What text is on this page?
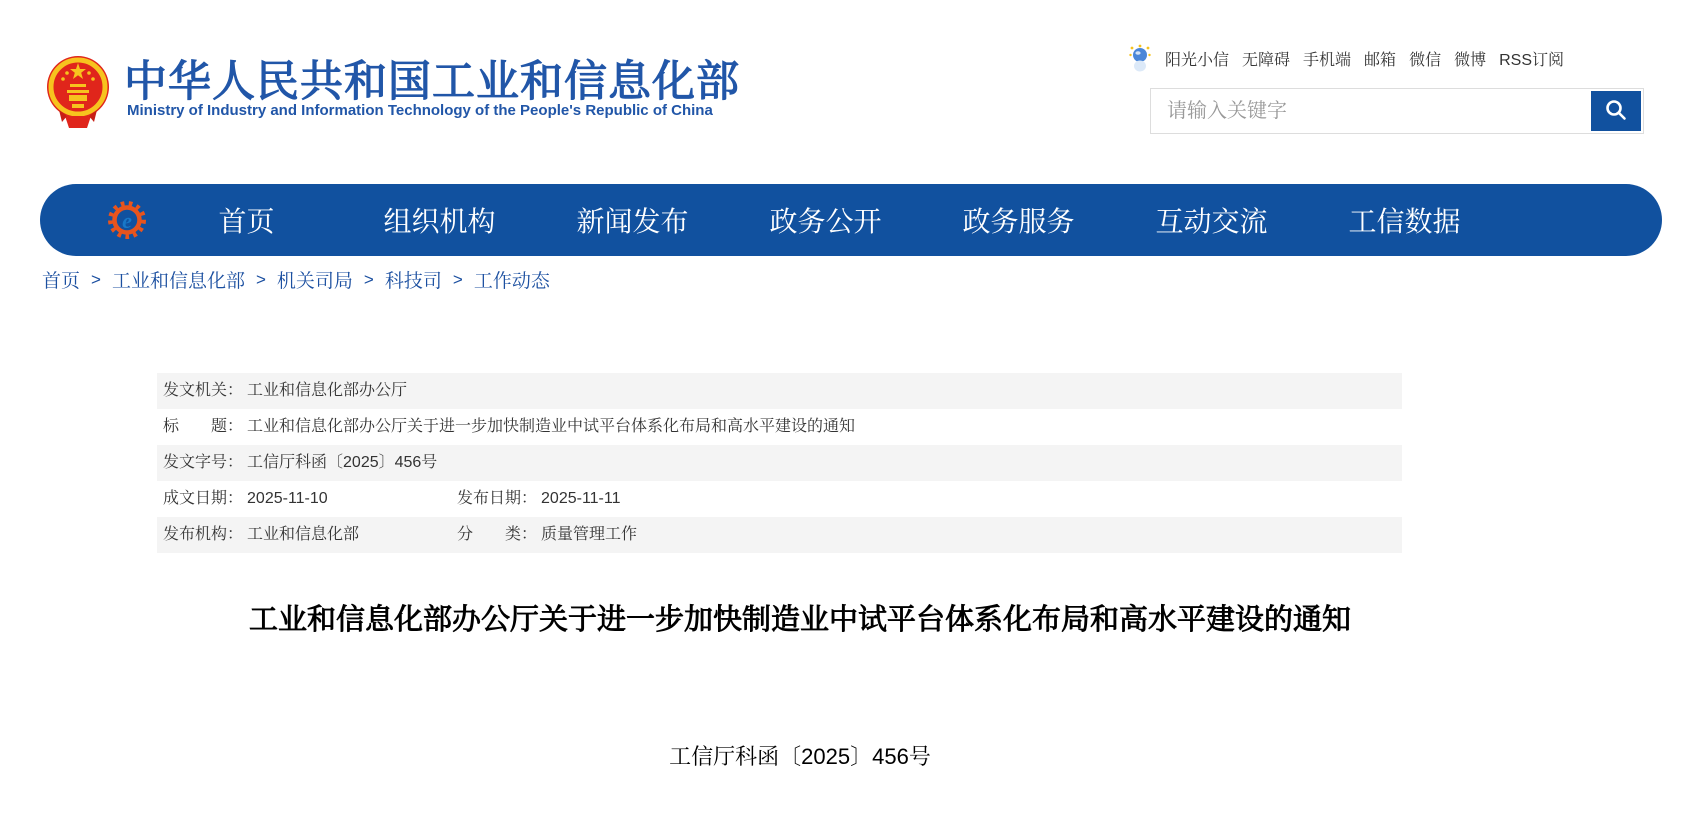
中华人民共和国工业和信息化部
Ministry of Industry and Information Technology of the People's Republic of China
阳光小信 无障碍 手机端 邮箱 微信 微博 RSS订阅
请输入关键字
e	首页	组织机构	新闻发布	政务公开	政务服务	互动交流	工信数据
首页 > 工业和信息化部 > 机关司局 > 科技司 > 工作动态
发文机关： 工业和信息化部办公厅
标　　题： 工业和信息化部办公厅关于进一步加快制造业中试平台体系化布局和高水平建设的通知
发文字号： 工信厅科函〔2025〕456号
成文日期： 2025-11-10	发布日期： 2025-11-11
发布机构： 工业和信息化部	分　　类： 质量管理工作
工业和信息化部办公厅关于进一步加快制造业中试平台体系化布局和高水平建设的通知
工信厅科函〔2025〕456号
